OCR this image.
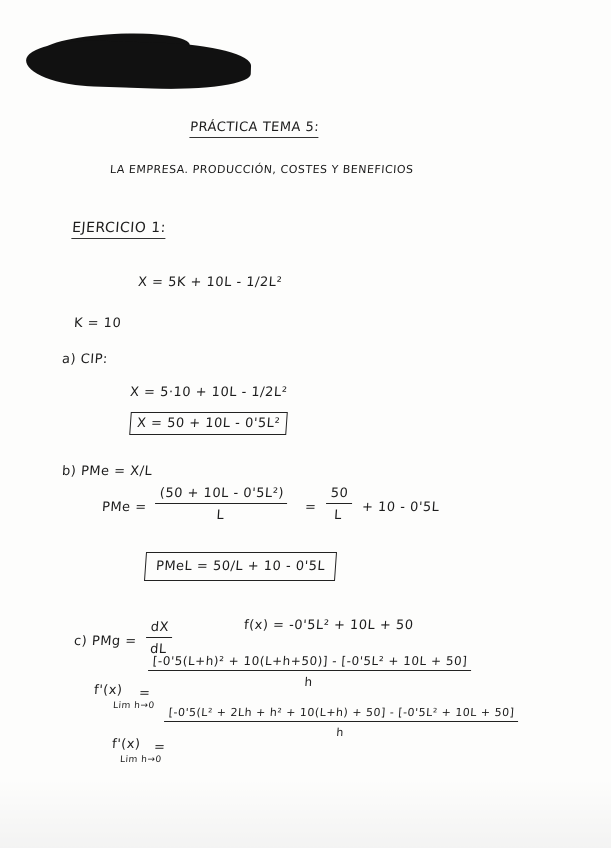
PRÁCTICA TEMA 5:
LA EMPRESA. PRODUCCIÓN, COSTES Y BENEFICIOS
EJERCICIO 1:
X = 5K + 10L - 1/2L²
K = 10
a) CIP:
X = 5·10 + 10L - 1/2L²
X = 50 + 10L - 0'5L²
b) PMe = X/L
PMe =
(50 + 10L - 0'5L²)
L
=
50
L
+ 10 - 0'5L
PMeL = 50/L + 10 - 0'5L
c) PMg =
dX
dL
f(x) = -0'5L² + 10L + 50
f'(x)
Lim h→0
=
[-0'5(L+h)² + 10(L+h+50)] - [-0'5L² + 10L + 50]
h
f'(x)
Lim h→0
=
[-0'5(L² + 2Lh + h² + 10(L+h) + 50] - [-0'5L² + 10L + 50]
h
